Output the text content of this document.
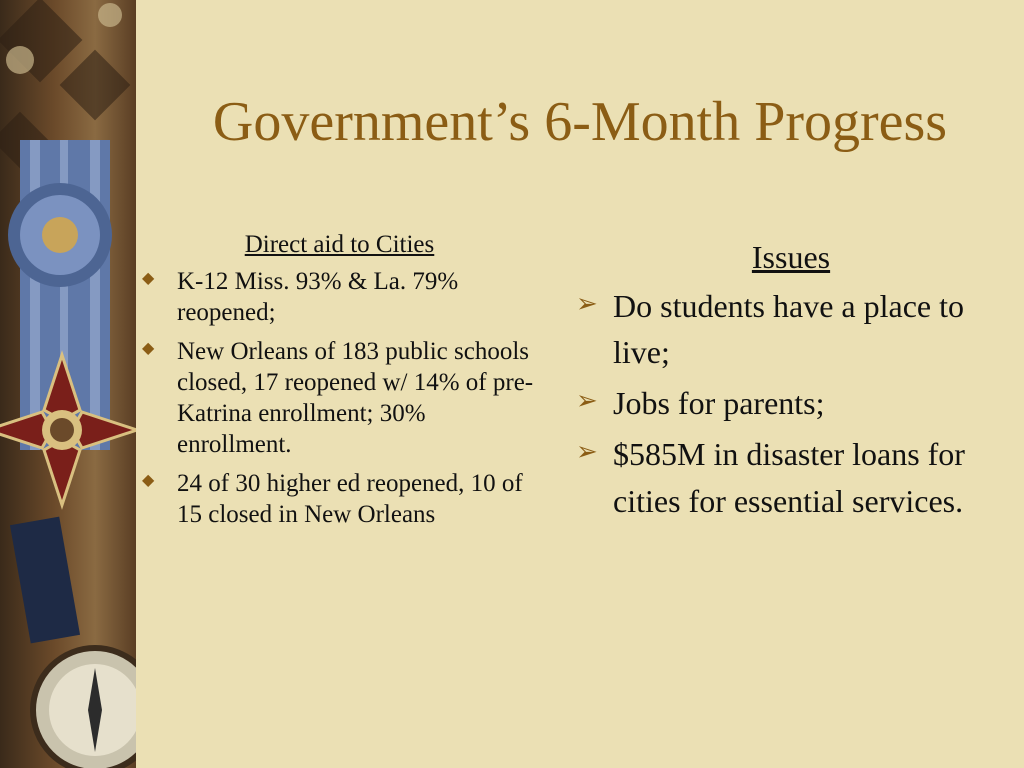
Government’s 6-Month Progress
Direct aid to Cities
◆ K-12 Miss. 93% & La. 79% reopened;
◆ New Orleans of 183 public schools closed, 17 reopened w/ 14% of pre-Katrina enrollment; 30% enrollment.
◆ 24 of 30 higher ed reopened, 10 of 15 closed in New Orleans
Issues
➢ Do students have a place to live;
➢ Jobs for parents;
➢ $585M in disaster loans for cities for essential services.
